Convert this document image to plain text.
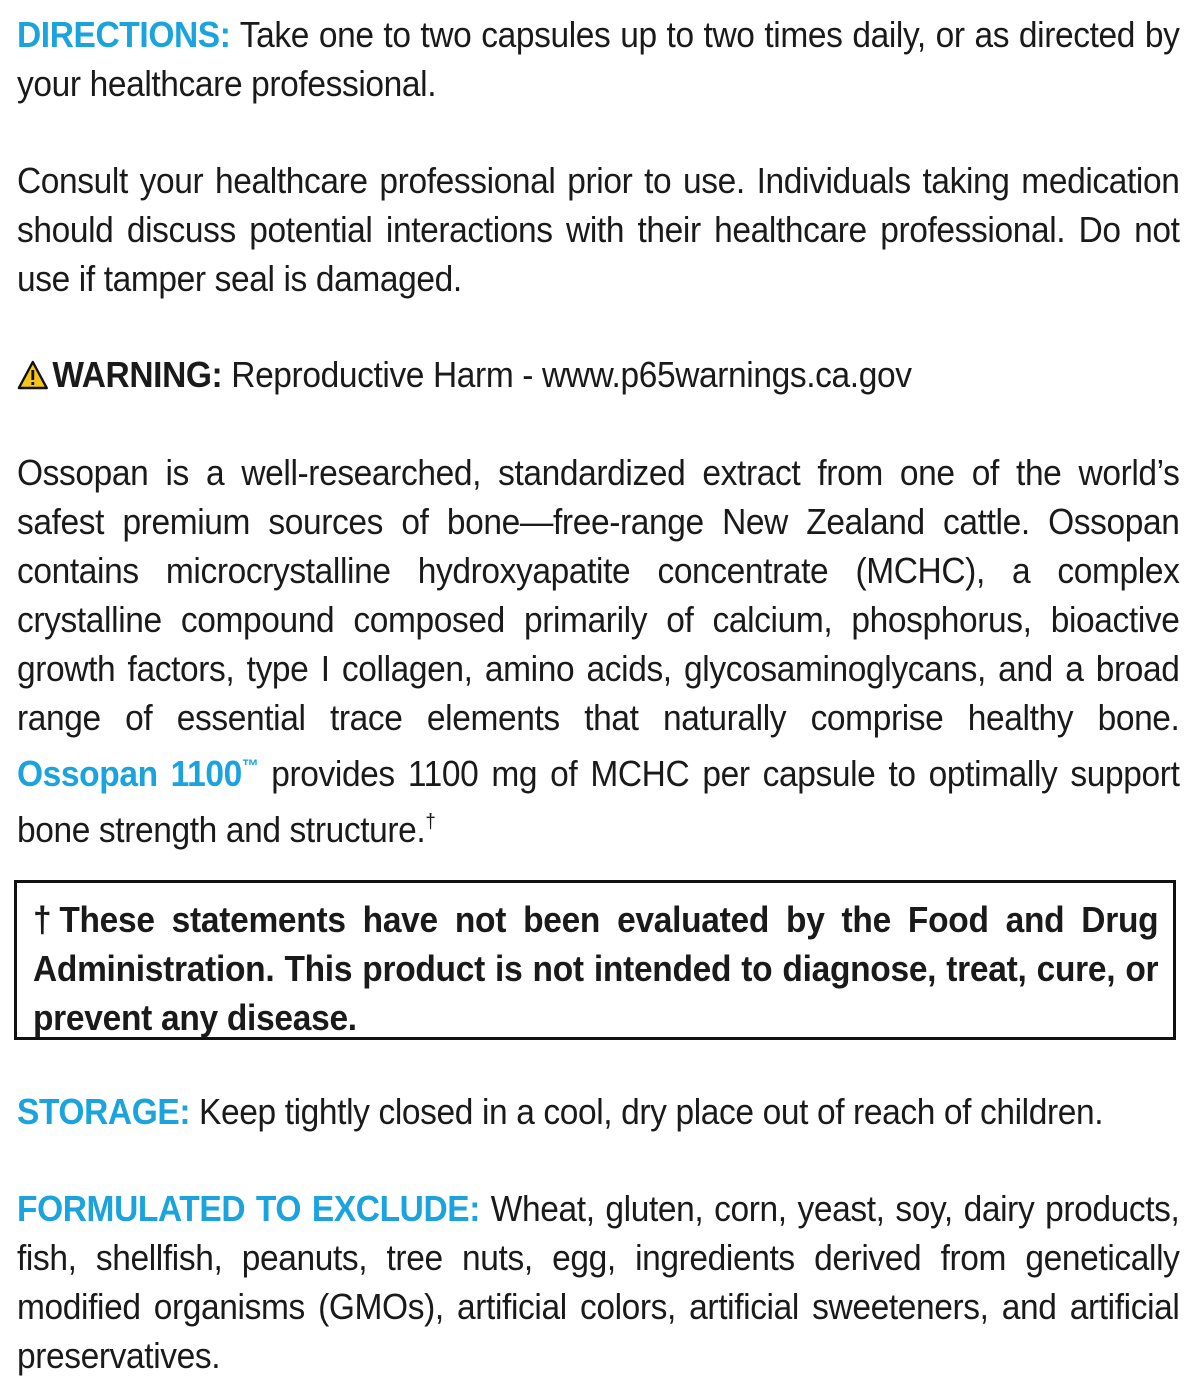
DIRECTIONS: Take one to two capsules up to two times daily, or as directed by your healthcare professional.

Consult your healthcare professional prior to use. Individuals taking medication should discuss potential interactions with their healthcare professional. Do not use if tamper seal is damaged.

WARNING: Reproductive Harm - www.p65warnings.ca.gov

Ossopan is a well-researched, standardized extract from one of the world’s safest premium sources of bone—free-range New Zealand cattle. Ossopan contains microcrystalline hydroxyapatite concentrate (MCHC), a complex crystalline compound composed primarily of calcium, phosphorus, bioactive growth factors, type I collagen, amino acids, glycosaminoglycans, and a broad range of essential trace elements that naturally comprise healthy bone. Ossopan 1100™ provides 1100 mg of MCHC per capsule to optimally support bone strength and structure.†

†These statements have not been evaluated by the Food and Drug Administration. This product is not intended to diagnose, treat, cure, or prevent any disease.

STORAGE: Keep tightly closed in a cool, dry place out of reach of children.

FORMULATED TO EXCLUDE: Wheat, gluten, corn, yeast, soy, dairy products, fish, shellfish, peanuts, tree nuts, egg, ingredients derived from genetically modified organisms (GMOs), artificial colors, artificial sweeteners, and artificial preservatives.
